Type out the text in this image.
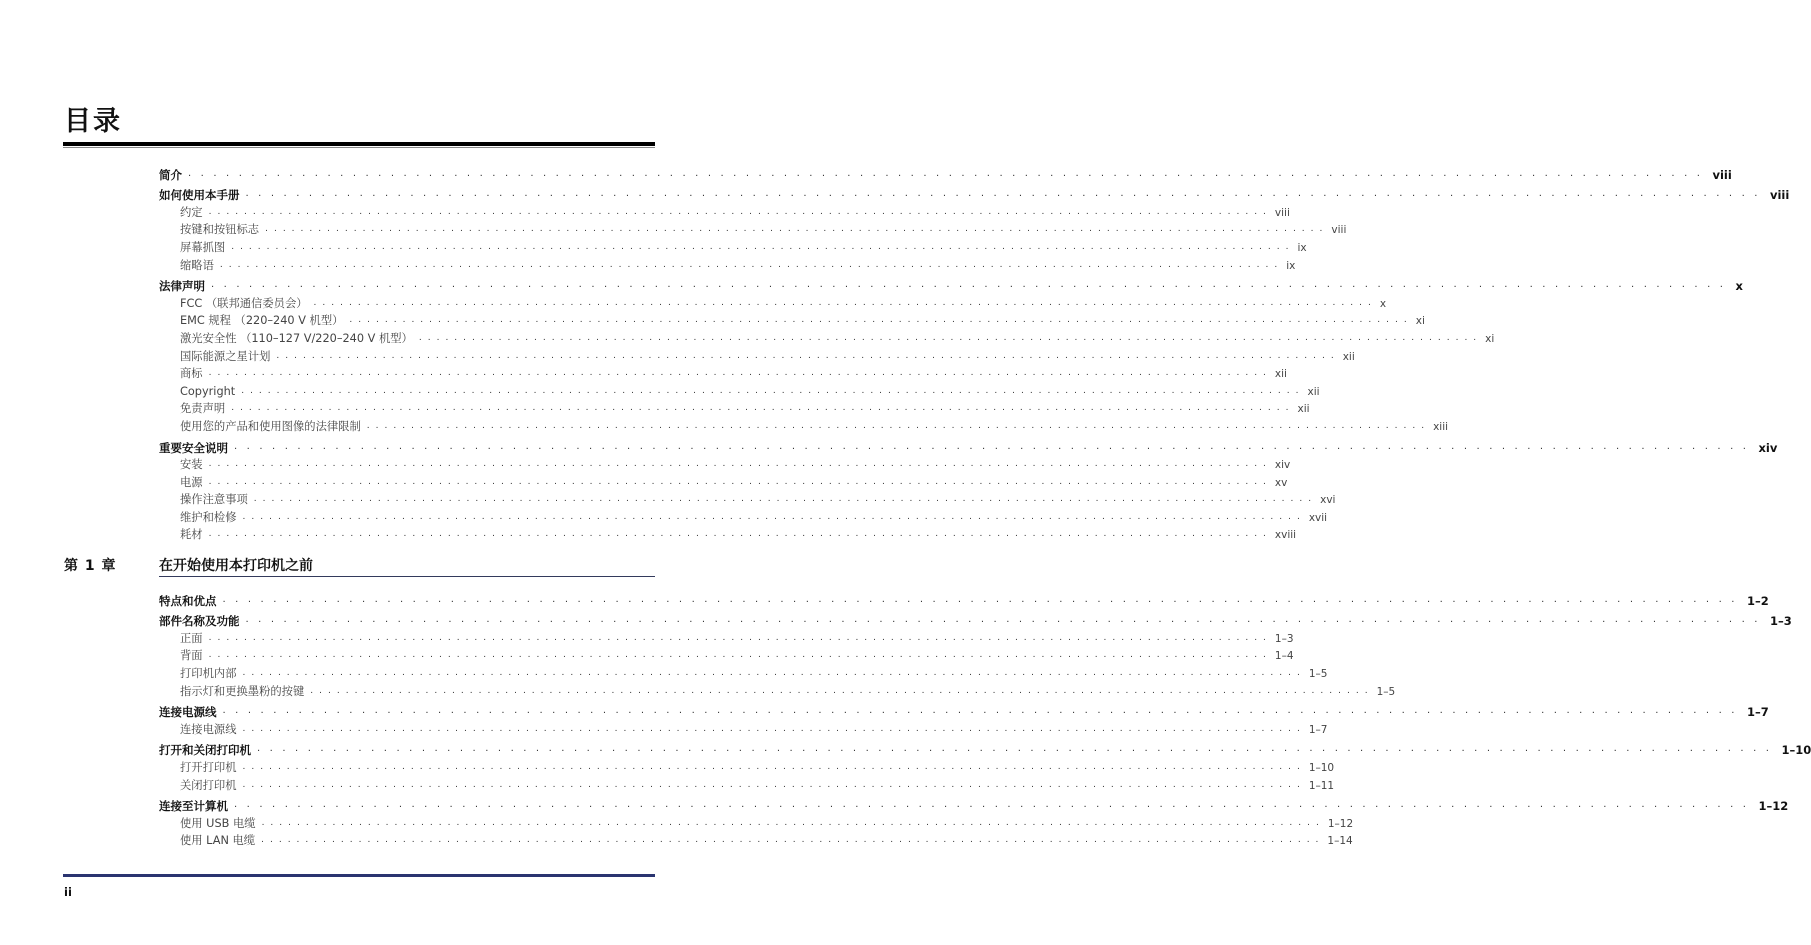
目录
简介 ........................................................................................................................ viii
如何使用本手册 ........................................................................................................................ viii
约定 ........................................................................................................................ viii
按键和按钮标志 ........................................................................................................................ viii
屏幕抓图 ........................................................................................................................ ix
缩略语 ........................................................................................................................ ix
法律声明 ........................................................................................................................ x
FCC （联邦通信委员会） ........................................................................................................................ x
EMC 规程 （220–240 V 机型） ........................................................................................................................ xi
激光安全性 （110–127 V/220–240 V 机型） ........................................................................................................................ xi
国际能源之星计划 ........................................................................................................................ xii
商标 ........................................................................................................................ xii
Copyright ........................................................................................................................ xii
免责声明 ........................................................................................................................ xii
使用您的产品和使用图像的法律限制 ........................................................................................................................ xiii
重要安全说明 ........................................................................................................................ xiv
安装 ........................................................................................................................ xiv
电源 ........................................................................................................................ xv
操作注意事项 ........................................................................................................................ xvi
维护和检修 ........................................................................................................................ xvii
耗材 ........................................................................................................................ xviii
第 1 章	在开始使用本打印机之前
特点和优点 ........................................................................................................................ 1–2
部件名称及功能 ........................................................................................................................ 1–3
正面 ........................................................................................................................ 1–3
背面 ........................................................................................................................ 1–4
打印机内部 ........................................................................................................................ 1–5
指示灯和更换墨粉的按键 ........................................................................................................................ 1–5
连接电源线 ........................................................................................................................ 1–7
连接电源线 ........................................................................................................................ 1–7
打开和关闭打印机 ........................................................................................................................ 1–10
打开打印机 ........................................................................................................................ 1–10
关闭打印机 ........................................................................................................................ 1–11
连接至计算机 ........................................................................................................................ 1–12
使用 USB 电缆 ........................................................................................................................ 1–12
使用 LAN 电缆 ........................................................................................................................ 1–14
ii
